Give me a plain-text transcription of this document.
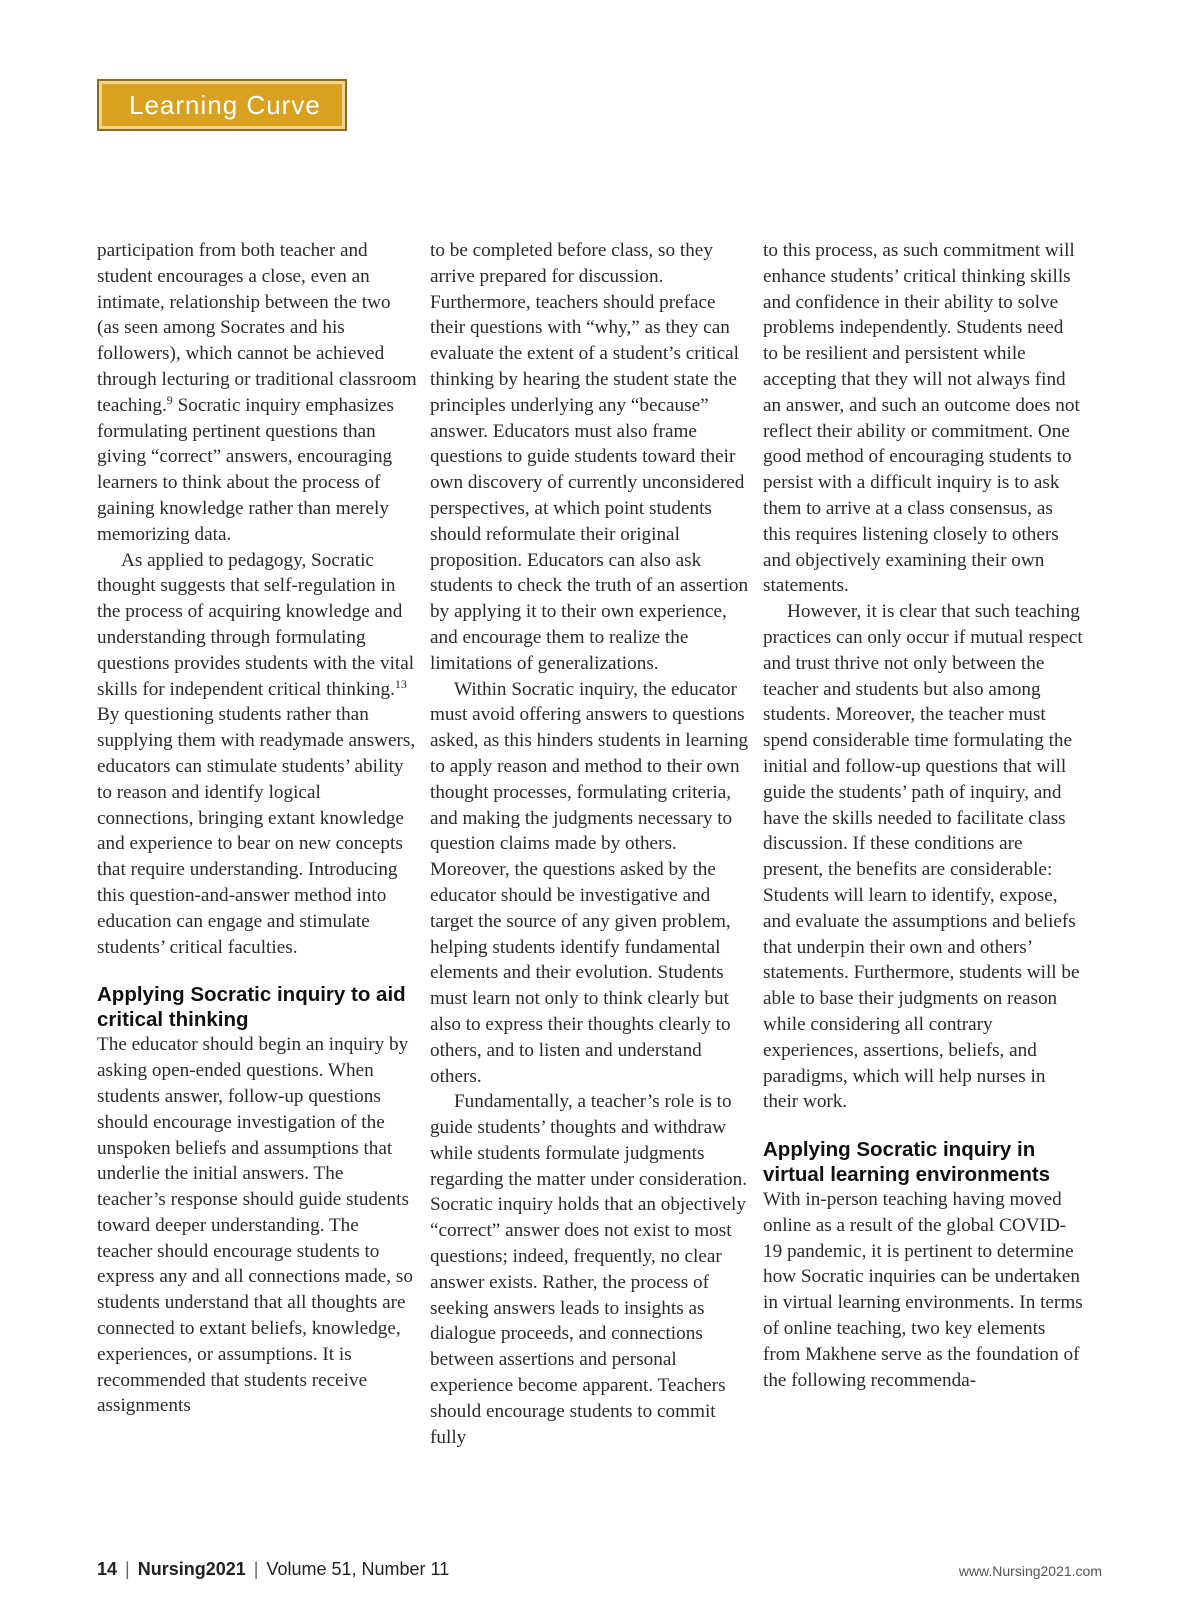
Learning Curve

participation from both teacher and student encourages a close, even an intimate, relationship between the two (as seen among Socrates and his followers), which cannot be achieved through lecturing or traditional classroom teaching.$^9$ Socratic inquiry emphasizes formulating pertinent questions than giving “correct” answers, encouraging learners to think about the process of gaining knowledge rather than merely memorizing data.

As applied to pedagogy, Socratic thought suggests that self-regulation in the process of acquiring knowledge and understanding through formulating questions provides students with the vital skills for independent critical thinking.$^{13}$ By questioning students rather than supplying them with readymade answers, educators can stimulate students’ ability to reason and identify logical connections, bringing extant knowledge and experience to bear on new concepts that require understanding. Introducing this question-and-answer method into education can engage and stimulate students’ critical faculties.

Applying Socratic inquiry to aid critical thinking

The educator should begin an inquiry by asking open-ended questions. When students answer, follow-up questions should encourage investigation of the unspoken beliefs and assumptions that underlie the initial answers. The teacher’s response should guide students toward deeper understanding. The teacher should encourage students to express any and all connections made, so students understand that all thoughts are connected to extant beliefs, knowledge, experiences, or assumptions. It is recommended that students receive assignments

to be completed before class, so they arrive prepared for discussion. Furthermore, teachers should preface their questions with “why,” as they can evaluate the extent of a student’s critical thinking by hearing the student state the principles underlying any “because” answer. Educators must also frame questions to guide students toward their own discovery of currently unconsidered perspectives, at which point students should reformulate their original proposition. Educators can also ask students to check the truth of an assertion by applying it to their own experience, and encourage them to realize the limitations of generalizations.

Within Socratic inquiry, the educator must avoid offering answers to questions asked, as this hinders students in learning to apply reason and method to their own thought processes, formulating criteria, and making the judgments necessary to question claims made by others. Moreover, the questions asked by the educator should be investigative and target the source of any given problem, helping students identify fundamental elements and their evolution. Students must learn not only to think clearly but also to express their thoughts clearly to others, and to listen and understand others.

Fundamentally, a teacher’s role is to guide students’ thoughts and withdraw while students formulate judgments regarding the matter under consideration. Socratic inquiry holds that an objectively “correct” answer does not exist to most questions; indeed, frequently, no clear answer exists. Rather, the process of seeking answers leads to insights as dialogue proceeds, and connections between assertions and personal experience become apparent. Teachers should encourage students to commit fully

to this process, as such commitment will enhance students’ critical thinking skills and confidence in their ability to solve problems independently. Students need to be resilient and persistent while accepting that they will not always find an answer, and such an outcome does not reflect their ability or commitment. One good method of encouraging students to persist with a difficult inquiry is to ask them to arrive at a class consensus, as this requires listening closely to others and objectively examining their own statements.

However, it is clear that such teaching practices can only occur if mutual respect and trust thrive not only between the teacher and students but also among students. Moreover, the teacher must spend considerable time formulating the initial and follow-up questions that will guide the students’ path of inquiry, and have the skills needed to facilitate class discussion. If these conditions are present, the benefits are considerable: Students will learn to identify, expose, and evaluate the assumptions and beliefs that underpin their own and others’ statements. Furthermore, students will be able to base their judgments on reason while considering all contrary experiences, assertions, beliefs, and paradigms, which will help nurses in their work.

Applying Socratic inquiry in virtual learning environments

With in-person teaching having moved online as a result of the global COVID-19 pandemic, it is pertinent to determine how Socratic inquiries can be undertaken in virtual learning environments. In terms of online teaching, two key elements from Makhene serve as the foundation of the following recommenda-

14 | Nursing2021 | Volume 51, Number 11	www.Nursing2021.com
